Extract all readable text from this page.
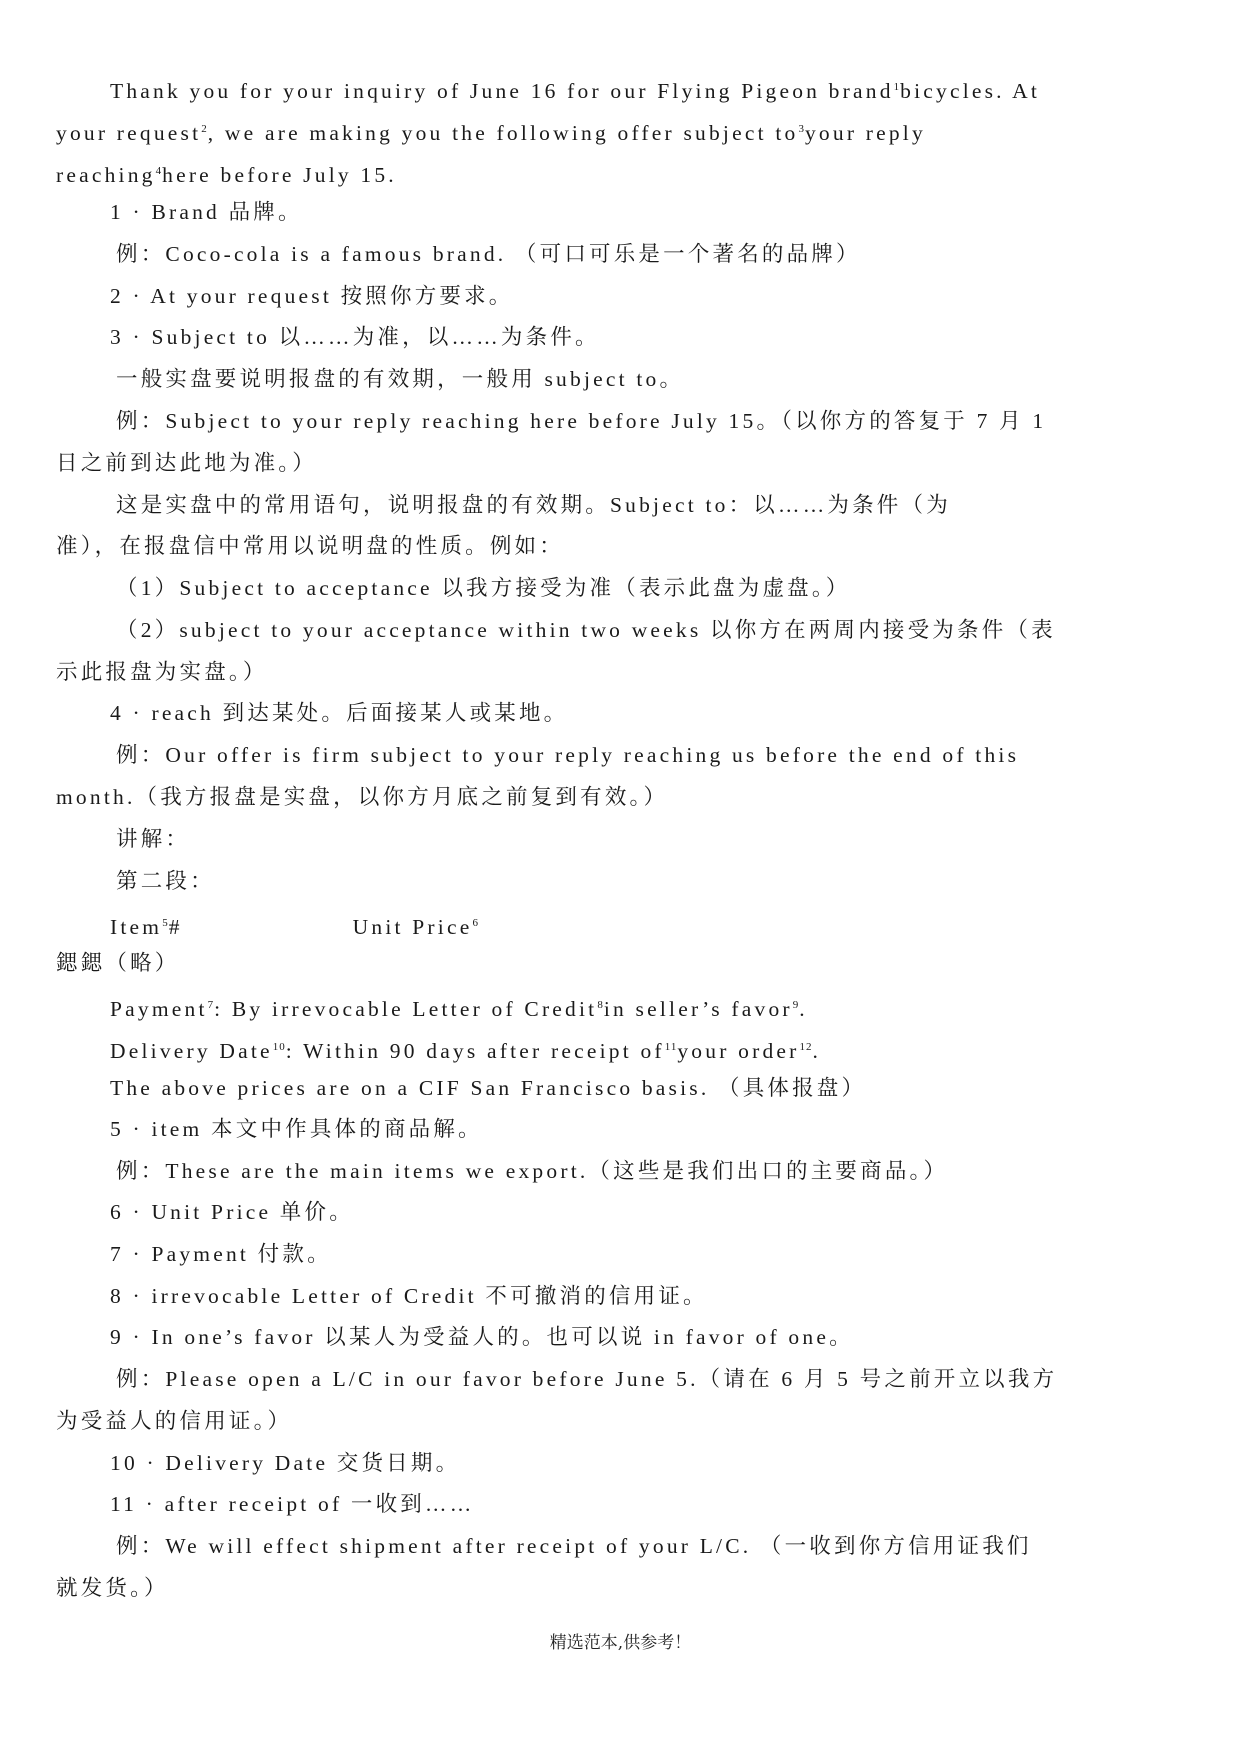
Thank you for your inquiry of June 16 for our Flying Pigeon brand$^1$bicycles. At
your request$^2$, we are making you the following offer subject $to^3your$ reply
reaching$^4$here before July 15.
1 · Brand 品牌。
例：Coco-cola is a famous brand. （可口可乐是一个著名的品牌）
2 · At your request 按照你方要求。
3 · Subject to 以……为准，以……为条件。
一般实盘要说明报盘的有效期，一般用 subject to。
例：Subject to your reply reaching here before July 15。（以你方的答复于 7 月 1
日之前到达此地为准。）
这是实盘中的常用语句，说明报盘的有效期。Subject to：以……为条件（为
准），在报盘信中常用以说明盘的性质。例如：
（1）Subject to acceptance 以我方接受为准（表示此盘为虚盘。）
（2）subject to your acceptance within two weeks 以你方在两周内接受为条件（表
示此报盘为实盘。）
4 · reach 到达某处。后面接某人或某地。
例：Our offer is firm subject to your reply reaching us before the end of this
month.（我方报盘是实盘，以你方月底之前复到有效。）
讲解：
第二段：
Item$^5$#	Unit Price$^6$
鍶鍶（略）
Payment$^7$: By irrevocable Letter of Credit$^8$in seller’s favor$^9$.
Delivery Date$^{10}$: Within 90 days after receipt $of^{11}your$ order$^{12}$.
The above prices are on a CIF San Francisco basis. （具体报盘）
5 · item 本文中作具体的商品解。
例：These are the main items we export.（这些是我们出口的主要商品。）
6 · Unit Price 单价。
7 · Payment 付款。
8 · irrevocable Letter of Credit 不可撤消的信用证。
9 · In one’s favor 以某人为受益人的。也可以说 in favor of one。
例：Please open a L/C in our favor before June 5.（请在 6 月 5 号之前开立以我方
为受益人的信用证。）
10 · Delivery Date 交货日期。
11 · after receipt of 一收到……
例：We will effect shipment after receipt of your L/C. （一收到你方信用证我们
就发货。）
精选范本,供参考！
